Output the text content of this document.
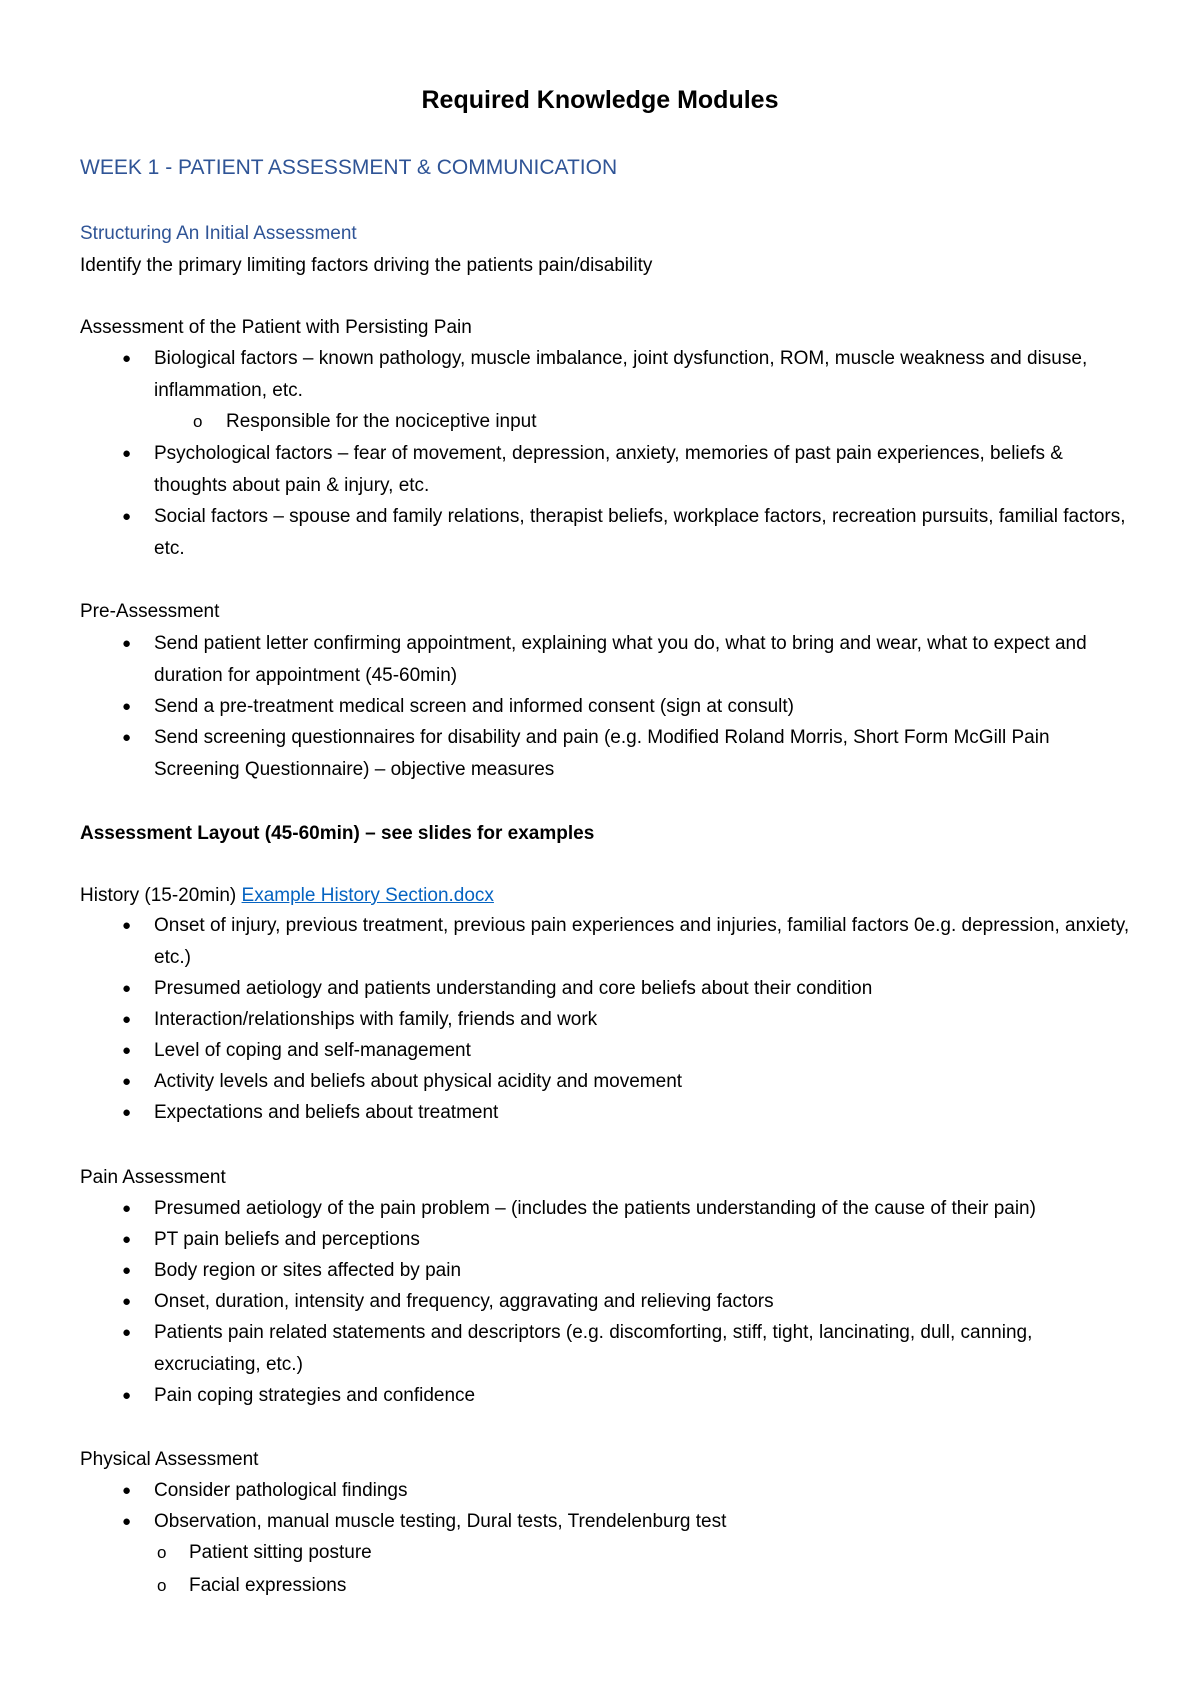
Required Knowledge Modules
WEEK 1 - PATIENT ASSESSMENT & COMMUNICATION
Structuring An Initial Assessment
Identify the primary limiting factors driving the patients pain/disability
Assessment of the Patient with Persisting Pain
●
Biological factors – known pathology, muscle imbalance, joint dysfunction, ROM, muscle weakness and disuse, inflammation, etc.
o
Responsible for the nociceptive input
●
Psychological factors – fear of movement, depression, anxiety, memories of past pain experiences, beliefs & thoughts about pain & injury, etc.
●
Social factors – spouse and family relations, therapist beliefs, workplace factors, recreation pursuits, familial factors, etc.
Pre-Assessment
●
Send patient letter confirming appointment, explaining what you do, what to bring and wear, what to expect and duration for appointment (45-60min)
●
Send a pre-treatment medical screen and informed consent (sign at consult)
●
Send screening questionnaires for disability and pain (e.g. Modified Roland Morris, Short Form McGill Pain Screening Questionnaire) – objective measures
Assessment Layout (45-60min) – see slides for examples
History (15-20min) Example History Section.docx
●
Onset of injury, previous treatment, previous pain experiences and injuries, familial factors 0e.g. depression, anxiety, etc.)
●
Presumed aetiology and patients understanding and core beliefs about their condition
●
Interaction/relationships with family, friends and work
●
Level of coping and self-management
●
Activity levels and beliefs about physical acidity and movement
●
Expectations and beliefs about treatment
Pain Assessment
●
Presumed aetiology of the pain problem – (includes the patients understanding of the cause of their pain)
●
PT pain beliefs and perceptions
●
Body region or sites affected by pain
●
Onset, duration, intensity and frequency, aggravating and relieving factors
●
Patients pain related statements and descriptors (e.g. discomforting, stiff, tight, lancinating, dull, canning, excruciating, etc.)
●
Pain coping strategies and confidence
Physical Assessment
●
Consider pathological findings
●
Observation, manual muscle testing, Dural tests, Trendelenburg test
o
Patient sitting posture
o
Facial expressions
